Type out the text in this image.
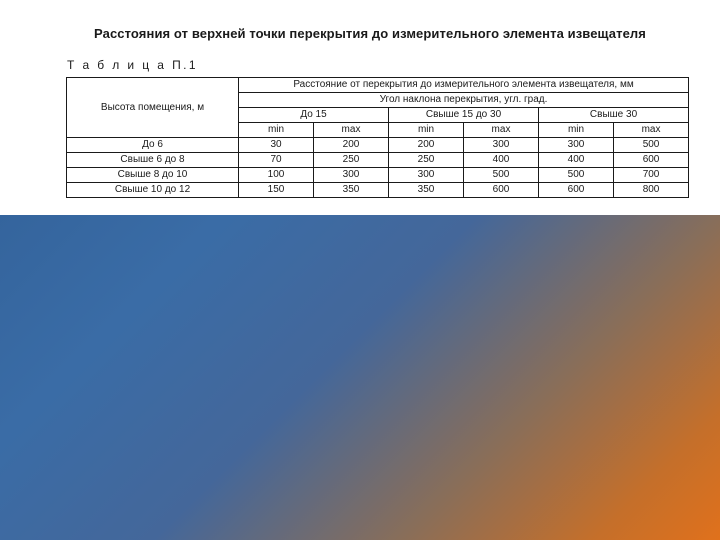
Расстояния от верхней точки перекрытия до измерительного элемента извещателя
Т а б л и ц а П.1
Высота помещения, м	Расстояние от перекрытия до измерительного элемента извещателя, мм					
	Угол наклона перекрытия, угл. град.					
	До 15		Свыше 15 до 30		Свыше 30	
	min	max	min	max	min	max
До 6	30	200	200	300	300	500
Свыше 6 до 8	70	250	250	400	400	600
Свыше 8 до 10	100	300	300	500	500	700
Свыше 10 до 12	150	350	350	600	600	800
